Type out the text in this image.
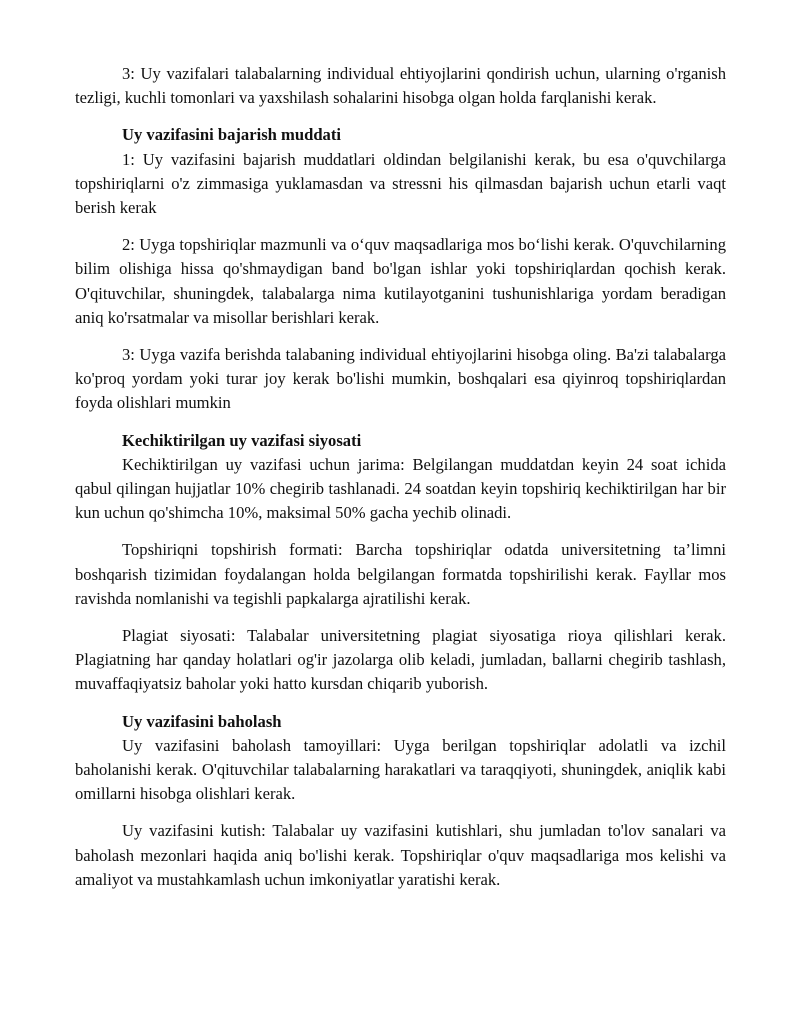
3: Uy vazifalari talabalarning individual ehtiyojlarini qondirish uchun, ularning o'rganish tezligi, kuchli tomonlari va yaxshilash sohalarini hisobga olgan holda farqlanishi kerak.

Uy vazifasini bajarish muddati

1: Uy vazifasini bajarish muddatlari oldindan belgilanishi kerak, bu esa o'quvchilarga topshiriqlarni o'z zimmasiga yuklamasdan va stressni his qilmasdan bajarish uchun etarli vaqt berish kerak

2: Uyga topshiriqlar mazmunli va o‘quv maqsadlariga mos bo‘lishi kerak. O'quvchilarning bilim olishiga hissa qo'shmaydigan band bo'lgan ishlar yoki topshiriqlardan qochish kerak. O'qituvchilar, shuningdek, talabalarga nima kutilayotganini tushunishlariga yordam beradigan aniq ko'rsatmalar va misollar berishlari kerak.

3: Uyga vazifa berishda talabaning individual ehtiyojlarini hisobga oling. Ba'zi talabalarga ko'proq yordam yoki turar joy kerak bo'lishi mumkin, boshqalari esa qiyinroq topshiriqlardan foyda olishlari mumkin

Kechiktirilgan uy vazifasi siyosati

Kechiktirilgan uy vazifasi uchun jarima: Belgilangan muddatdan keyin 24 soat ichida qabul qilingan hujjatlar 10% chegirib tashlanadi. 24 soatdan keyin topshiriq kechiktirilgan har bir kun uchun qo'shimcha 10%, maksimal 50% gacha yechib olinadi.

Topshiriqni topshirish formati: Barcha topshiriqlar odatda universitetning ta’limni boshqarish tizimidan foydalangan holda belgilangan formatda topshirilishi kerak. Fayllar mos ravishda nomlanishi va tegishli papkalarga ajratilishi kerak.

Plagiat siyosati: Talabalar universitetning plagiat siyosatiga rioya qilishlari kerak. Plagiatning har qanday holatlari og'ir jazolarga olib keladi, jumladan, ballarni chegirib tashlash, muvaffaqiyatsiz baholar yoki hatto kursdan chiqarib yuborish.

Uy vazifasini baholash

Uy vazifasini baholash tamoyillari: Uyga berilgan topshiriqlar adolatli va izchil baholanishi kerak. O'qituvchilar talabalarning harakatlari va taraqqiyoti, shuningdek, aniqlik kabi omillarni hisobga olishlari kerak.

Uy vazifasini kutish: Talabalar uy vazifasini kutishlari, shu jumladan to'lov sanalari va baholash mezonlari haqida aniq bo'lishi kerak. Topshiriqlar o'quv maqsadlariga mos kelishi va amaliyot va mustahkamlash uchun imkoniyatlar yaratishi kerak.
